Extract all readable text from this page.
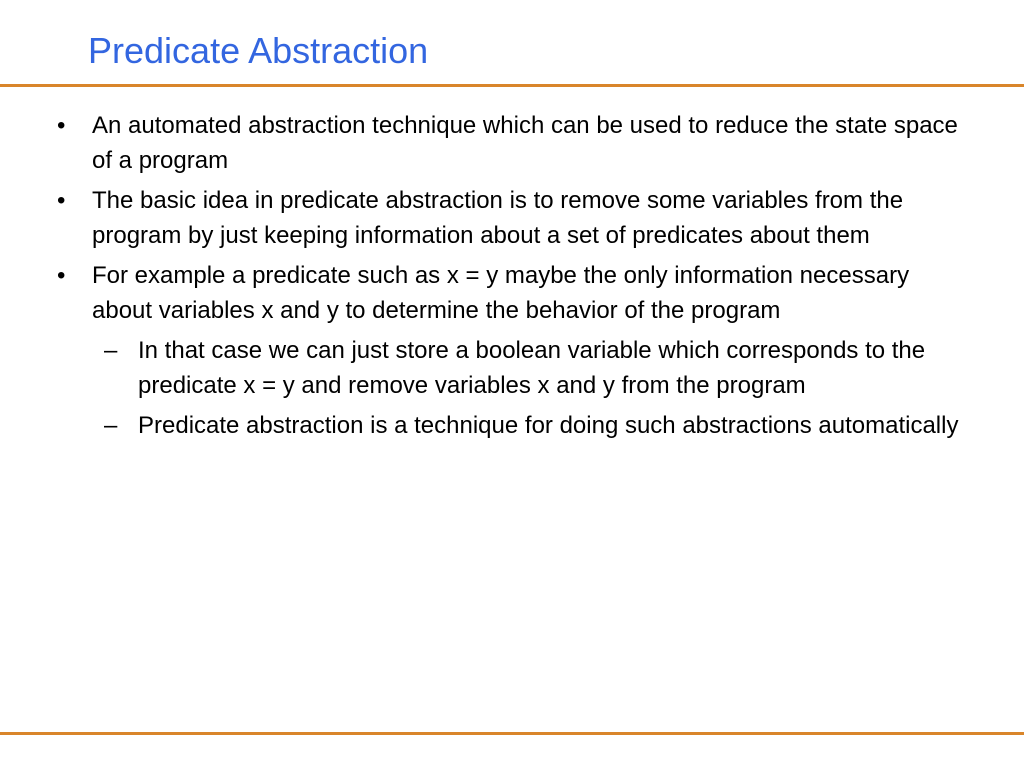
Predicate Abstraction
• An automated abstraction technique which can be used to reduce the state space of a program
• The basic idea in predicate abstraction is to remove some variables from the program by just keeping information about a set of predicates about them
• For example a predicate such as x = y maybe the only information necessary about variables x and y to determine the behavior of the program
– In that case we can just store a boolean variable which corresponds to the predicate x = y and remove variables x and y from the program
– Predicate abstraction is a technique for doing such abstractions automatically
